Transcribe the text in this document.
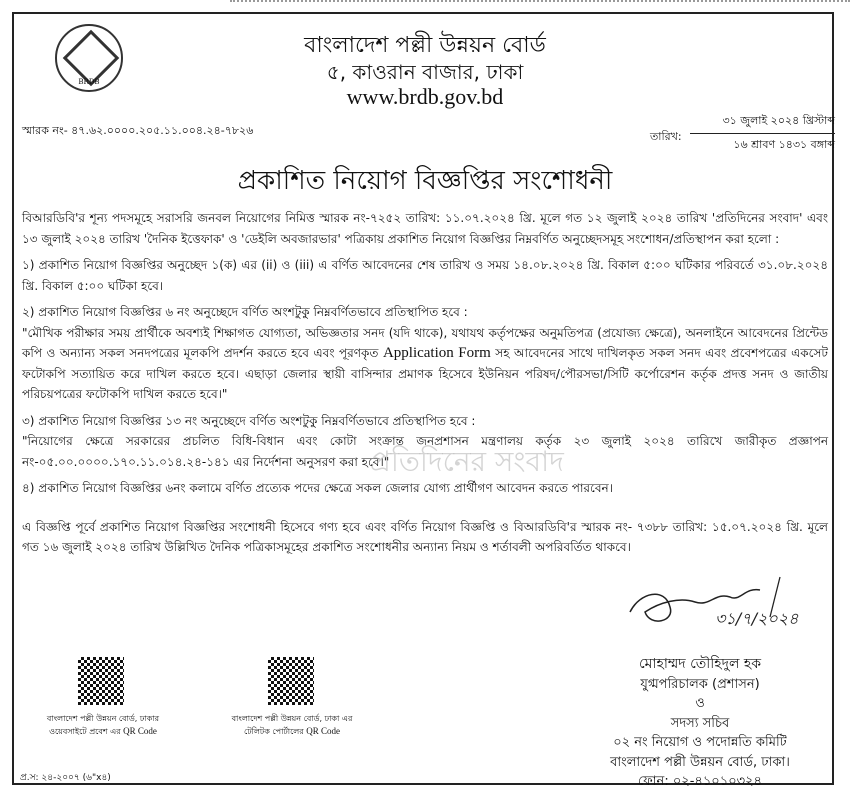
BRDB
বাংলাদেশ পল্লী উন্নয়ন বোর্ড
৫, কাওরান বাজার, ঢাকা
www.brdb.gov.bd
স্মারক নং- ৪৭.৬২.০০০০.২০৫.১১.০০৪.২৪-৭৮২৬	তারিখ:
৩১ জুলাই ২০২৪ খ্রিস্টাব্দ
১৬ শ্রাবণ ১৪৩১ বঙ্গাব্দ
প্রকাশিত নিয়োগ বিজ্ঞপ্তির সংশোধনী

বিআরডিবি'র শূন্য পদসমূহে সরাসরি জনবল নিয়োগের নিমিত্ত স্মারক নং-৭২৫২ তারিখ: ১১.০৭.২০২৪ খ্রি. মূলে গত ১২ জুলাই ২০২৪ তারিখ 'প্রতিদিনের সংবাদ' এবং ১৩ জুলাই ২০২৪ তারিখ 'দৈনিক ইত্তেফাক' ও 'ডেইলি অবজারভার' পত্রিকায় প্রকাশিত নিয়োগ বিজ্ঞপ্তির নিম্নবর্ণিত অনুচ্ছেদসমূহ সংশোধন/প্রতিস্থাপন করা হলো :

১) প্রকাশিত নিয়োগ বিজ্ঞপ্তির অনুচ্ছেদ ১(ক) এর (ii) ও (iii) এ বর্ণিত আবেদনের শেষ তারিখ ও সময় ১৪.০৮.২০২৪ খ্রি. বিকাল ৫:০০ ঘটিকার পরিবর্তে ৩১.০৮.২০২৪ খ্রি. বিকাল ৫:০০ ঘটিকা হবে।

২) প্রকাশিত নিয়োগ বিজ্ঞপ্তির ৬ নং অনুচ্ছেদে বর্ণিত অংশটুকু নিম্নবর্ণিতভাবে প্রতিস্থাপিত হবে :
"মৌখিক পরীক্ষার সময় প্রার্থীকে অবশ্যই শিক্ষাগত যোগ্যতা, অভিজ্ঞতার সনদ (যদি থাকে), যথাযথ কর্তৃপক্ষের অনুমতিপত্র (প্রযোজ্য ক্ষেত্রে), অনলাইনে আবেদনের প্রিন্টেড কপি ও অন্যান্য সকল সনদপত্রের মূলকপি প্রদর্শন করতে হবে এবং পূরণকৃত Application Form সহ আবেদনের সাথে দাখিলকৃত সকল সনদ এবং প্রবেশপত্রের একসেট ফটোকপি সত্যায়িত করে দাখিল করতে হবে। এছাড়া জেলার স্থায়ী বাসিন্দার প্রমাণক হিসেবে ইউনিয়ন পরিষদ/পৌরসভা/সিটি কর্পোরেশন কর্তৃক প্রদত্ত সনদ ও জাতীয় পরিচয়পত্রের ফটোকপি দাখিল করতে হবে।"

৩) প্রকাশিত নিয়োগ বিজ্ঞপ্তির ১৩ নং অনুচ্ছেদে বর্ণিত অংশটুকু নিম্নবর্ণিতভাবে প্রতিস্থাপিত হবে :
"নিয়োগের ক্ষেত্রে সরকারের প্রচলিত বিধি-বিধান এবং কোটা সংক্রান্ত জনপ্রশাসন মন্ত্রণালয় কর্তৃক ২৩ জুলাই ২০২৪ তারিখে জারীকৃত প্রজ্ঞাপন নং-০৫.০০.০০০০.১৭০.১১.০১৪.২৪-১৪১ এর নির্দেশনা অনুসরণ করা হবে।"

৪) প্রকাশিত নিয়োগ বিজ্ঞপ্তির ৬নং কলামে বর্ণিত প্রত্যেক পদের ক্ষেত্রে সকল জেলার যোগ্য প্রার্থীগণ আবেদন করতে পারবেন।

এ বিজ্ঞপ্তি পূর্বে প্রকাশিত নিয়োগ বিজ্ঞপ্তির সংশোধনী হিসেবে গণ্য হবে এবং বর্ণিত নিয়োগ বিজ্ঞপ্তি ও বিআরডিবি'র স্মারক নং- ৭৩৮৮ তারিখ: ১৫.০৭.২০২৪ খ্রি. মূলে গত ১৬ জুলাই ২০২৪ তারিখ উল্লিখিত দৈনিক পত্রিকাসমূহের প্রকাশিত সংশোধনীর অন্যান্য নিয়ম ও শর্তাবলী অপরিবর্তিত থাকবে।

প্রতিদিনের সংবাদ
৩১/৭/২০২৪
মোহাম্মদ তৌহিদুল হক
যুগ্মপরিচালক (প্রশাসন)
ও
সদস্য সচিব
০২ নং নিয়োগ ও পদোন্নতি কমিটি
বাংলাদেশ পল্লী উন্নয়ন বোর্ড, ঢাকা।
ফোন: ০২-৪১০১০৩২৪
বাংলাদেশ পল্লী উন্নয়ন বোর্ড, ঢাকার
ওয়েবসাইটে প্রবেশ এর QR Code
বাংলাদেশ পল্লী উন্নয়ন বোর্ড, ঢাকা এর
টেলিটক পোর্টালের QR Code
প্র.স: ২৪-২০০৭ (৬"x৪)
